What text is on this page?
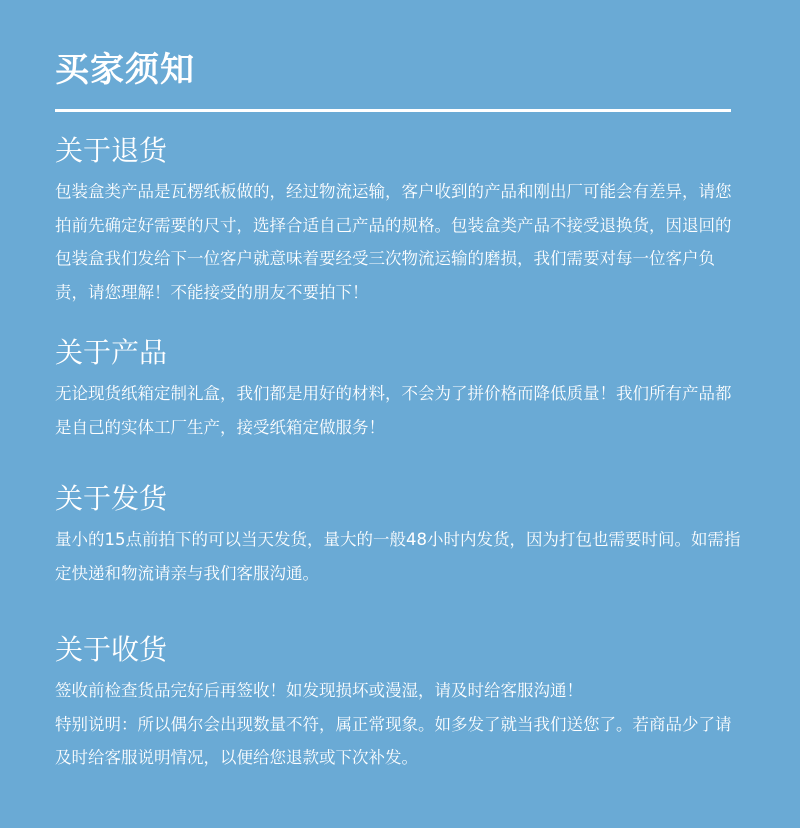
买家须知
关于退货

包装盒类产品是瓦楞纸板做的，经过物流运输，客户收到的产品和刚出厂可能会有差异，请您拍前先确定好需要的尺寸，选择合适自己产品的规格。包装盒类产品不接受退换货，因退回的包装盒我们发给下一位客户就意味着要经受三次物流运输的磨损，我们需要对每一位客户负责，请您理解！不能接受的朋友不要拍下！

关于产品

无论现货纸箱定制礼盒，我们都是用好的材料，不会为了拼价格而降低质量！我们所有产品都是自己的实体工厂生产，接受纸箱定做服务！

关于发货

量小的15点前拍下的可以当天发货，量大的一般48小时内发货，因为打包也需要时间。如需指定快递和物流请亲与我们客服沟通。

关于收货

签收前检查货品完好后再签收！如发现损坏或漫湿，请及时给客服沟通！

特别说明：所以偶尔会出现数量不符，属正常现象。如多发了就当我们送您了。若商品少了请及时给客服说明情况，以便给您退款或下次补发。
